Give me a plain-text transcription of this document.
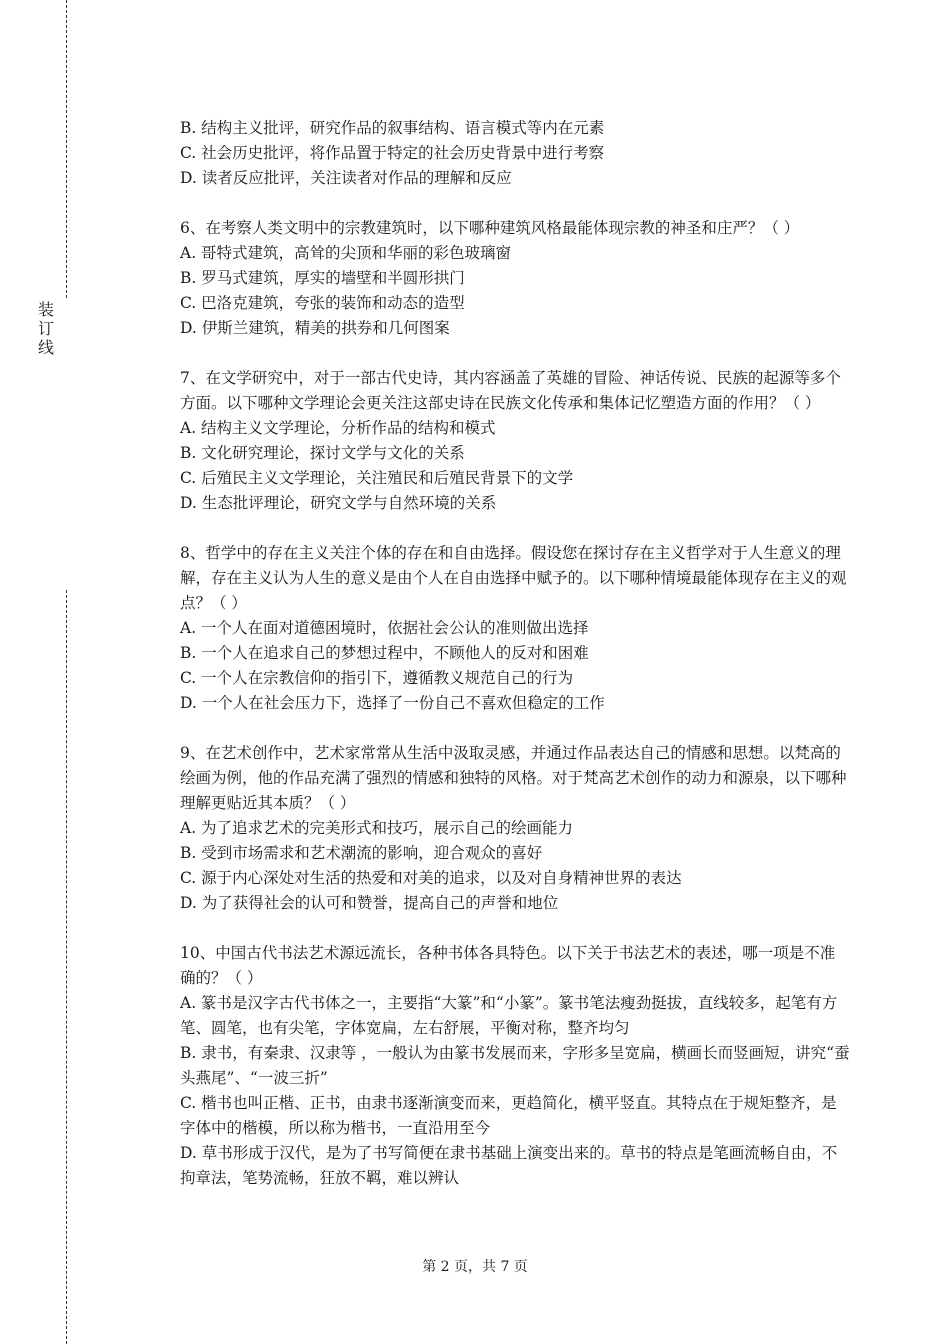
装订线

B. 结构主义批评，研究作品的叙事结构、语言模式等内在元素

C. 社会历史批评，将作品置于特定的社会历史背景中进行考察

D. 读者反应批评，关注读者对作品的理解和反应

6、在考察人类文明中的宗教建筑时，以下哪种建筑风格最能体现宗教的神圣和庄严？（ ）

A. 哥特式建筑，高耸的尖顶和华丽的彩色玻璃窗

B. 罗马式建筑，厚实的墙壁和半圆形拱门

C. 巴洛克建筑，夸张的装饰和动态的造型

D. 伊斯兰建筑，精美的拱券和几何图案

7、在文学研究中，对于一部古代史诗，其内容涵盖了英雄的冒险、神话传说、民族的起源等多个方面。以下哪种文学理论会更关注这部史诗在民族文化传承和集体记忆塑造方面的作用？（ ）

A. 结构主义文学理论，分析作品的结构和模式

B. 文化研究理论，探讨文学与文化的关系

C. 后殖民主义文学理论，关注殖民和后殖民背景下的文学

D. 生态批评理论，研究文学与自然环境的关系

8、哲学中的存在主义关注个体的存在和自由选择。假设您在探讨存在主义哲学对于人生意义的理解，存在主义认为人生的意义是由个人在自由选择中赋予的。以下哪种情境最能体现存在主义的观点？（ ）

A. 一个人在面对道德困境时，依据社会公认的准则做出选择

B. 一个人在追求自己的梦想过程中，不顾他人的反对和困难

C. 一个人在宗教信仰的指引下，遵循教义规范自己的行为

D. 一个人在社会压力下，选择了一份自己不喜欢但稳定的工作

9、在艺术创作中，艺术家常常从生活中汲取灵感，并通过作品表达自己的情感和思想。以梵高的绘画为例，他的作品充满了强烈的情感和独特的风格。对于梵高艺术创作的动力和源泉，以下哪种理解更贴近其本质？（ ）

A. 为了追求艺术的完美形式和技巧，展示自己的绘画能力

B. 受到市场需求和艺术潮流的影响，迎合观众的喜好

C. 源于内心深处对生活的热爱和对美的追求，以及对自身精神世界的表达

D. 为了获得社会的认可和赞誉，提高自己的声誉和地位

10、中国古代书法艺术源远流长，各种书体各具特色。以下关于书法艺术的表述，哪一项是不准确的？（ ）

A. 篆书是汉字古代书体之一，主要指“大篆”和“小篆”。篆书笔法瘦劲挺拔，直线较多，起笔有方笔、圆笔，也有尖笔，字体宽扁，左右舒展，平衡对称，整齐均匀

B. 隶书，有秦隶、汉隶等 ，一般认为由篆书发展而来，字形多呈宽扁，横画长而竖画短，讲究“蚕头燕尾”、“一波三折”

C. 楷书也叫正楷、正书，由隶书逐渐演变而来，更趋简化，横平竖直。其特点在于规矩整齐，是字体中的楷模，所以称为楷书，一直沿用至今

D. 草书形成于汉代，是为了书写简便在隶书基础上演变出来的。草书的特点是笔画流畅自由，不拘章法，笔势流畅，狂放不羁，难以辨认

第 2 页，共 7 页
